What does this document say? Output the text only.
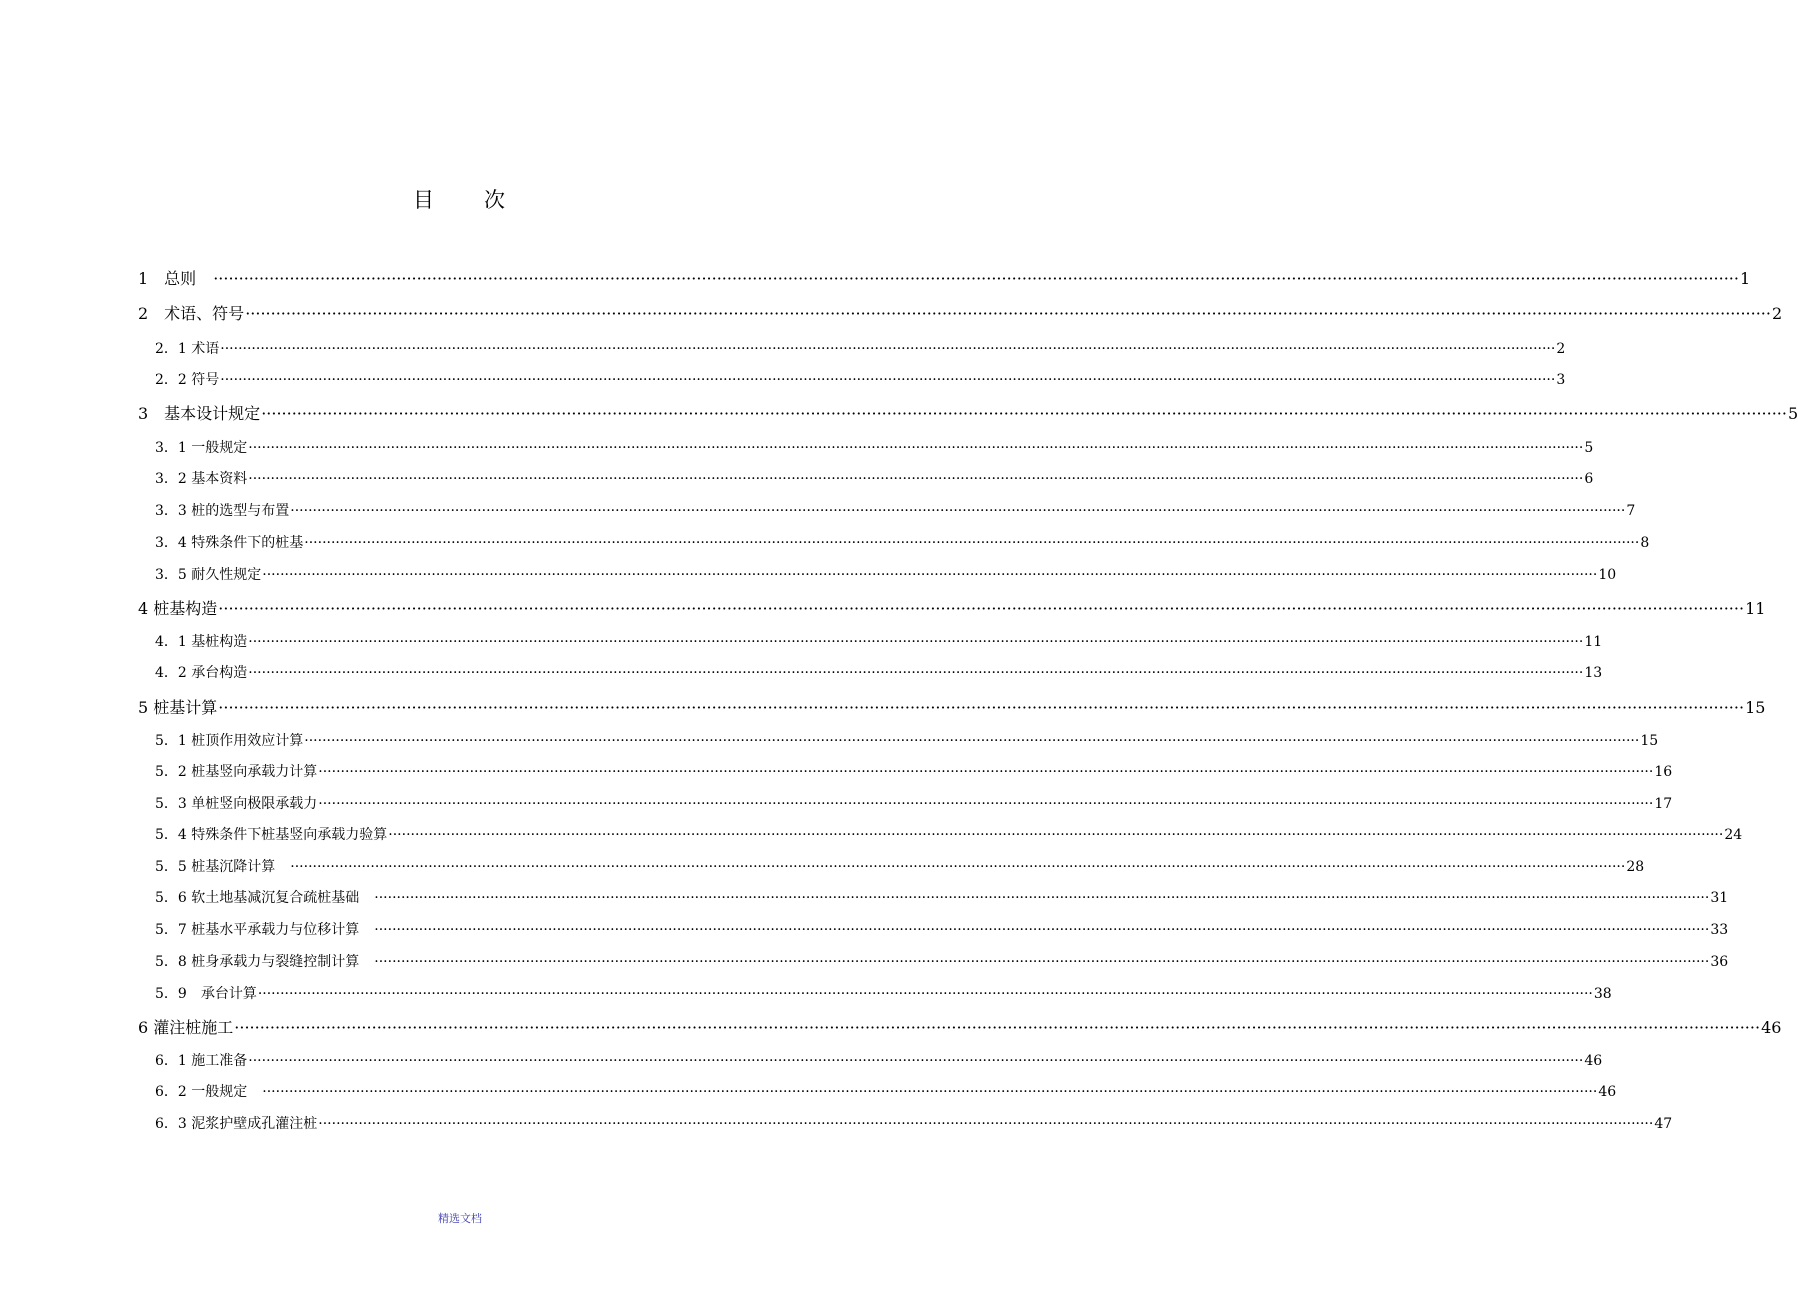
目 次
1　总则　 ············································································································································································································································································································ 1
2　术语、符号 ············································································································································································································································································································ 2
2．1 术语 ············································································································································································································································································································ 2
2．2 符号 ············································································································································································································································································································ 3
3　基本设计规定 ············································································································································································································································································································ 5
3．1 一般规定 ············································································································································································································································································································ 5
3．2 基本资料 ············································································································································································································································································································ 6
3．3 桩的选型与布置 ············································································································································································································································································································ 7
3．4 特殊条件下的桩基 ············································································································································································································································································································ 8
3．5 耐久性规定 ············································································································································································································································································································ 10
4 桩基构造 ············································································································································································································································································································ 11
4．1 基桩构造 ············································································································································································································································································································ 11
4．2 承台构造 ············································································································································································································································································································ 13
5 桩基计算 ············································································································································································································································································································ 15
5．1 桩顶作用效应计算 ············································································································································································································································································································ 15
5．2 桩基竖向承载力计算 ············································································································································································································································································································ 16
5．3 单桩竖向极限承载力 ············································································································································································································································································································ 17
5．4 特殊条件下桩基竖向承载力验算 ············································································································································································································································································································ 24
5．5 桩基沉降计算　 ············································································································································································································································································································ 28
5．6 软土地基减沉复合疏桩基础　 ············································································································································································································································································································ 31
5．7 桩基水平承载力与位移计算　 ············································································································································································································································································································ 33
5．8 桩身承载力与裂缝控制计算　 ············································································································································································································································································································ 36
5．9　承台计算 ············································································································································································································································································································ 38
6 灌注桩施工 ············································································································································································································································································································ 46
6．1 施工准备 ············································································································································································································································································································ 46
6．2 一般规定　 ············································································································································································································································································································ 46
6．3 泥浆护壁成孔灌注桩 ············································································································································································································································································································ 47
精选文档
